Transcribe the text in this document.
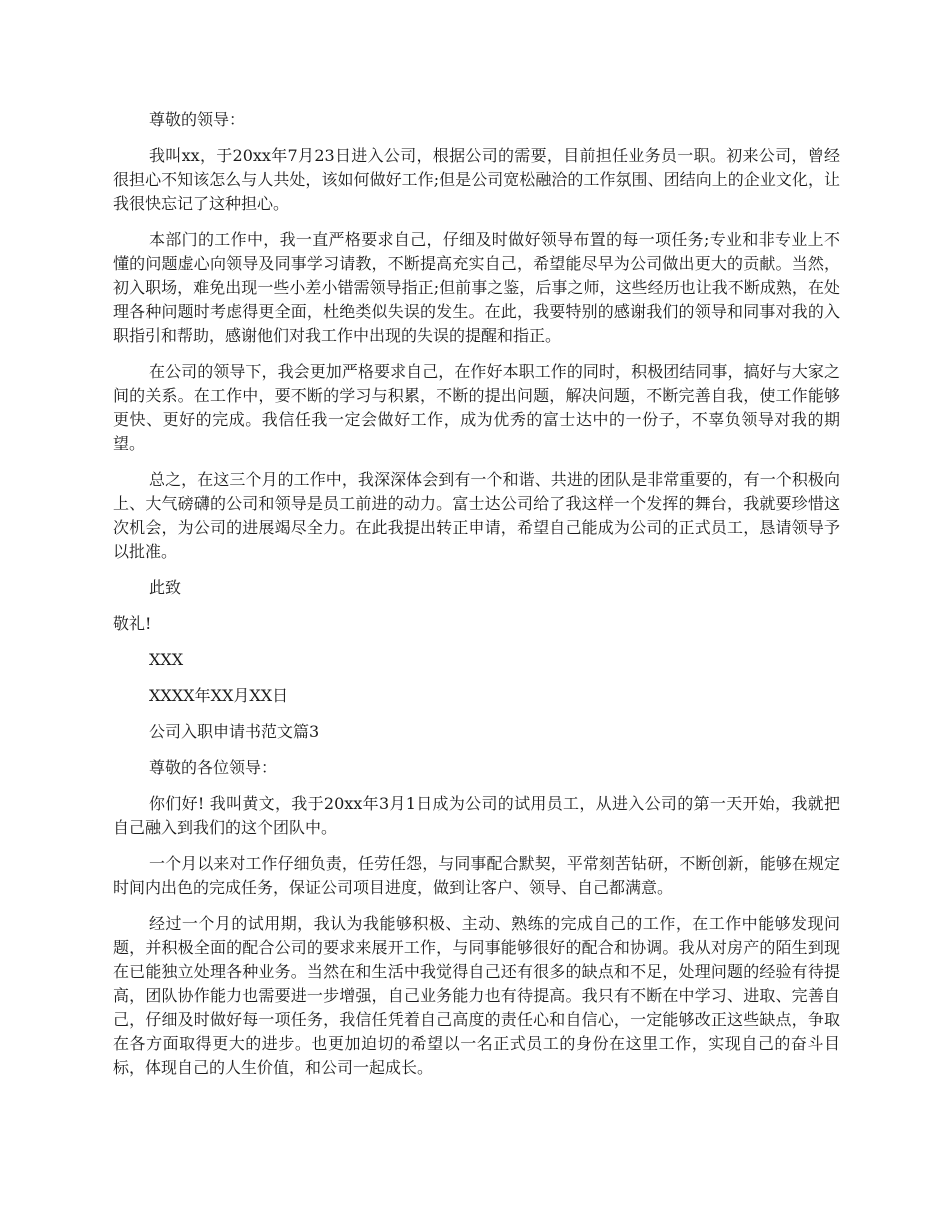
尊敬的领导：

我叫xx，于20xx年7月23日进入公司，根据公司的需要，目前担任业务员一职。初来公司，曾经很担心不知该怎么与人共处，该如何做好工作;但是公司宽松融洽的工作氛围、团结向上的企业文化，让我很快忘记了这种担心。

本部门的工作中，我一直严格要求自己，仔细及时做好领导布置的每一项任务;专业和非专业上不懂的问题虚心向领导及同事学习请教，不断提高充实自己，希望能尽早为公司做出更大的贡献。当然，初入职场，难免出现一些小差小错需领导指正;但前事之鉴，后事之师，这些经历也让我不断成熟，在处理各种问题时考虑得更全面，杜绝类似失误的发生。在此，我要特别的感谢我们的领导和同事对我的入职指引和帮助，感谢他们对我工作中出现的失误的提醒和指正。

在公司的领导下，我会更加严格要求自己，在作好本职工作的同时，积极团结同事，搞好与大家之间的关系。在工作中，要不断的学习与积累，不断的提出问题，解决问题，不断完善自我，使工作能够更快、更好的完成。我信任我一定会做好工作，成为优秀的富士达中的一份子，不辜负领导对我的期望。

总之，在这三个月的工作中，我深深体会到有一个和谐、共进的团队是非常重要的，有一个积极向上、大气磅礴的公司和领导是员工前进的动力。富士达公司给了我这样一个发挥的舞台，我就要珍惜这次机会，为公司的进展竭尽全力。在此我提出转正申请，希望自己能成为公司的正式员工，恳请领导予以批准。

此致

敬礼!

XXX

XXXX年XX月XX日

公司入职申请书范文篇3

尊敬的各位领导：

你们好! 我叫黄文，我于20xx年3月1日成为公司的试用员工，从进入公司的第一天开始，我就把自己融入到我们的这个团队中。

一个月以来对工作仔细负责，任劳任怨，与同事配合默契，平常刻苦钻研，不断创新，能够在规定时间内出色的完成任务，保证公司项目进度，做到让客户、领导、自己都满意。

经过一个月的试用期，我认为我能够积极、主动、熟练的完成自己的工作，在工作中能够发现问题，并积极全面的配合公司的要求来展开工作，与同事能够很好的配合和协调。我从对房产的陌生到现在已能独立处理各种业务。当然在和生活中我觉得自己还有很多的缺点和不足，处理问题的经验有待提高，团队协作能力也需要进一步增强，自己业务能力也有待提高。我只有不断在中学习、进取、完善自己，仔细及时做好每一项任务，我信任凭着自己高度的责任心和自信心，一定能够改正这些缺点，争取在各方面取得更大的进步。也更加迫切的希望以一名正式员工的身份在这里工作，实现自己的奋斗目标，体现自己的人生价值，和公司一起成长。
